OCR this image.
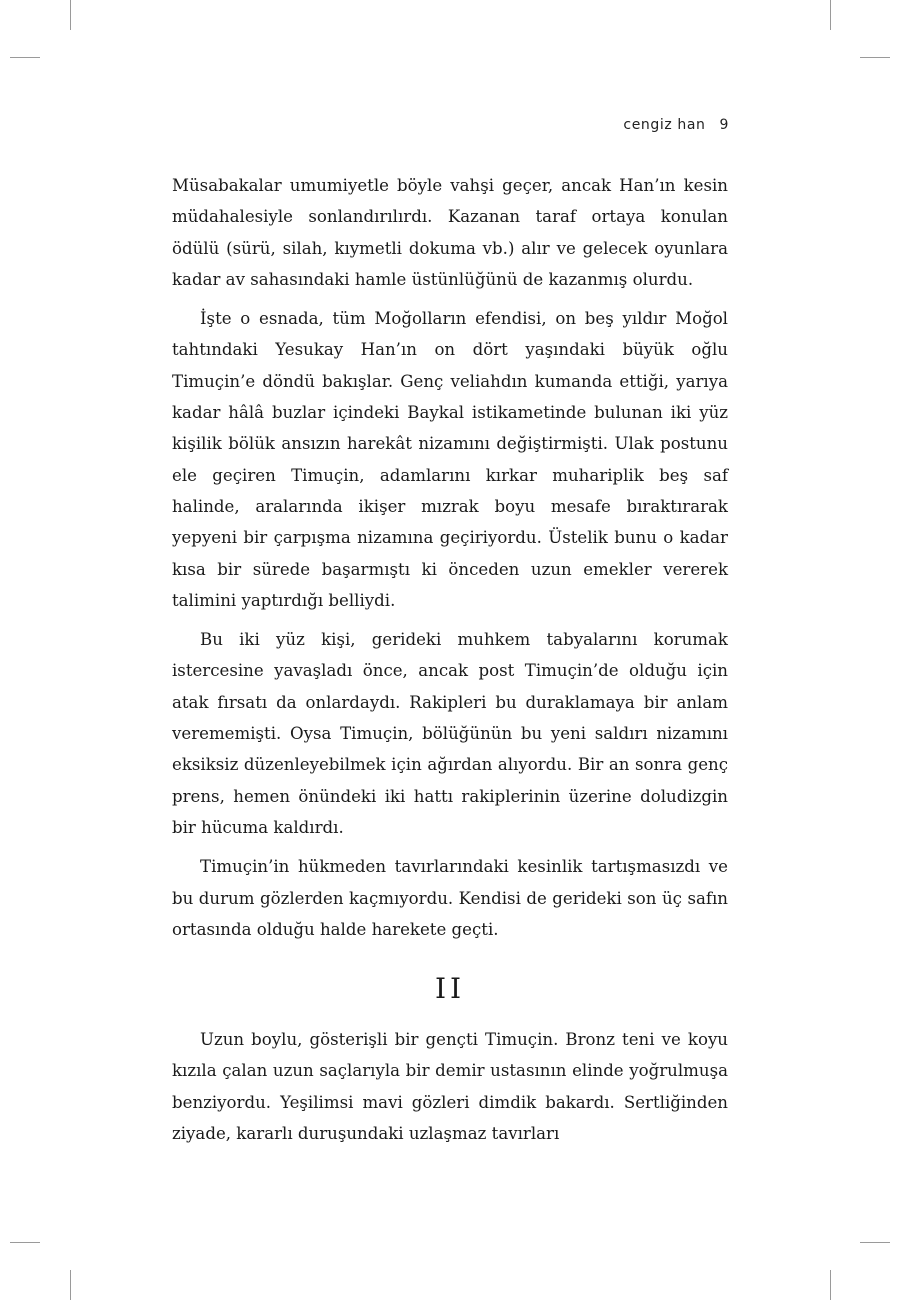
cengiz han 9

Müsabakalar umumiyetle böyle vahşi geçer, ancak Han’ın kesin müdahalesiyle sonlandırılırdı. Kazanan taraf ortaya konulan ödülü (sürü, silah, kıymetli dokuma vb.) alır ve gelecek oyunlara kadar av sahasındaki hamle üstünlüğünü de kazanmış olurdu.

İşte o esnada, tüm Moğolların efendisi, on beş yıldır Moğol tahtındaki Yesukay Han’ın on dört yaşındaki büyük oğlu Timuçin’e döndü bakışlar. Genç veliahdın kumanda ettiği, yarıya kadar hâlâ buzlar içindeki Baykal istikametinde bulunan iki yüz kişilik bölük ansızın harekât nizamını değiştirmişti. Ulak postunu ele geçiren Timuçin, adamlarını kırkar muhariplik beş saf halinde, aralarında ikişer mızrak boyu mesafe bıraktırarak yepyeni bir çarpışma nizamına geçiriyordu. Üstelik bunu o kadar kısa bir sürede başarmıştı ki önceden uzun emekler vererek talimini yaptırdığı belliydi.

Bu iki yüz kişi, gerideki muhkem tabyalarını korumak istercesine yavaşladı önce, ancak post Timuçin’de olduğu için atak fırsatı da onlardaydı. Rakipleri bu duraklamaya bir anlam verememişti. Oysa Timuçin, bölüğünün bu yeni saldırı nizamını eksiksiz düzenleyebilmek için ağırdan alıyordu. Bir an sonra genç prens, hemen önündeki iki hattı rakiplerinin üzerine doludizgin bir hücuma kaldırdı.

Timuçin’in hükmeden tavırlarındaki kesinlik tartışmasızdı ve bu durum gözlerden kaçmıyordu. Kendisi de gerideki son üç safın ortasında olduğu halde harekete geçti.

II

Uzun boylu, gösterişli bir gençti Timuçin. Bronz teni ve koyu kızıla çalan uzun saçlarıyla bir demir ustasının elinde yoğrulmuşa benziyordu. Yeşilimsi mavi gözleri dimdik bakardı. Sertliğinden ziyade, kararlı duruşundaki uzlaşmaz tavırları
